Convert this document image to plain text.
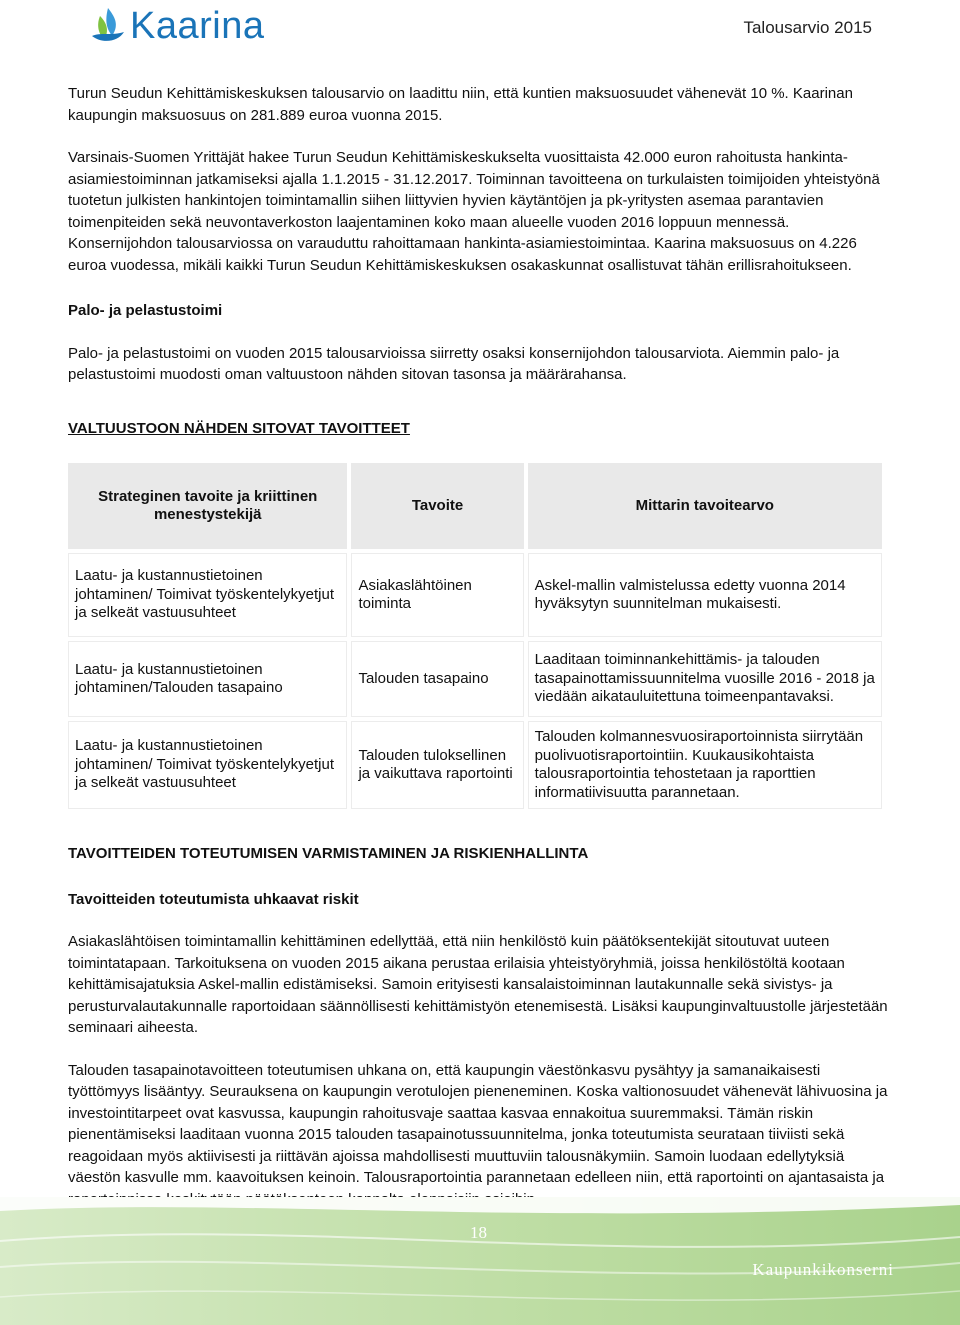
Kaarina	Talousarvio 2015

Turun Seudun Kehittämiskeskuksen talousarvio on laadittu niin, että kuntien maksuosuudet vähenevät 10 %. Kaarinan kaupungin maksuosuus on 281.889 euroa vuonna 2015.

Varsinais-Suomen Yrittäjät hakee Turun Seudun Kehittämiskeskukselta vuosittaista 42.000 euron rahoitusta hankinta-asiamiestoiminnan jatkamiseksi ajalla 1.1.2015 - 31.12.2017. Toiminnan tavoitteena on turkulaisten toimijoiden yhteistyönä tuotetun julkisten hankintojen toimintamallin siihen liittyvien hyvien käytäntöjen ja pk-yritysten asemaa parantavien toimenpiteiden sekä neuvontaverkoston laajentaminen koko maan alueelle vuoden 2016 loppuun mennessä. Konsernijohdon talousarviossa on varauduttu rahoittamaan hankinta-asiamiestoimintaa. Kaarina maksuosuus on 4.226 euroa vuodessa, mikäli kaikki Turun Seudun Kehittämiskeskuksen osakaskunnat osallistuvat tähän erillisrahoitukseen.

Palo- ja pelastustoimi

Palo- ja pelastustoimi on vuoden 2015 talousarvioissa siirretty osaksi konsernijohdon talousarviota. Aiemmin palo- ja pelastustoimi muodosti oman valtuustoon nähden sitovan tasonsa ja määrärahansa.

VALTUUSTOON NÄHDEN SITOVAT TAVOITTEET
Strateginen tavoite ja kriittinen menestystekijä	Tavoite	Mittarin tavoitearvo
Laatu- ja kustannustietoinen johtaminen/ Toimivat työskentelykyetjut ja selkeät vastuusuhteet	Asiakaslähtöinen toiminta	Askel-mallin valmistelussa edetty vuonna 2014 hyväksytyn suunnitelman mukaisesti.
Laatu- ja kustannustietoinen johtaminen/Talouden tasapaino	Talouden tasapaino	Laaditaan toiminnankehittämis- ja talouden tasapainottamissuunnitelma vuosille 2016 - 2018 ja viedään aikatauluitettuna toimeenpantavaksi.
Laatu- ja kustannustietoinen johtaminen/ Toimivat työskentelykyetjut ja selkeät vastuusuhteet	Talouden tuloksellinen ja vaikuttava raportointi	Talouden kolmannesvuosiraportoinnista siirrytään puolivuotisraportointiin. Kuukausikohtaista talousraportointia tehostetaan ja raporttien informatiivisuutta parannetaan.
TAVOITTEIDEN TOTEUTUMISEN VARMISTAMINEN JA RISKIENHALLINTA
Tavoitteiden toteutumista uhkaavat riskit

Asiakaslähtöisen toimintamallin kehittäminen edellyttää, että niin henkilöstö kuin päätöksentekijät sitoutuvat uuteen toimintatapaan. Tarkoituksena on vuoden 2015 aikana perustaa erilaisia yhteistyöryhmiä, joissa henkilöstöltä kootaan kehittämisajatuksia Askel-mallin edistämiseksi. Samoin erityisesti kansalaistoiminnan lautakunnalle sekä sivistys- ja perusturvalautakunnalle raportoidaan säännöllisesti kehittämistyön etenemisestä. Lisäksi kaupunginvaltuustolle järjestetään seminaari aiheesta.

Talouden tasapainotavoitteen toteutumisen uhkana on, että kaupungin väestönkasvu pysähtyy ja samanaikaisesti työttömyys lisääntyy. Seurauksena on kaupungin verotulojen pieneneminen. Koska valtionosuudet vähenevät lähivuosina ja investointitarpeet ovat kasvussa, kaupungin rahoitusvaje saattaa kasvaa ennakoitua suuremmaksi. Tämän riskin pienentämiseksi laaditaan vuonna 2015 talouden tasapainotussuunnitelma, jonka toteutumista seurataan tiiviisti sekä reagoidaan myös aktiivisesti ja riittävän ajoissa mahdollisesti muuttuviin talousnäkymiin. Samoin luodaan edellytyksiä väestön kasvulle mm. kaavoituksen keinoin. Talousraportointia parannetaan edelleen niin, että raportointi on ajantasaista ja

18
Kaupunkikonserni
